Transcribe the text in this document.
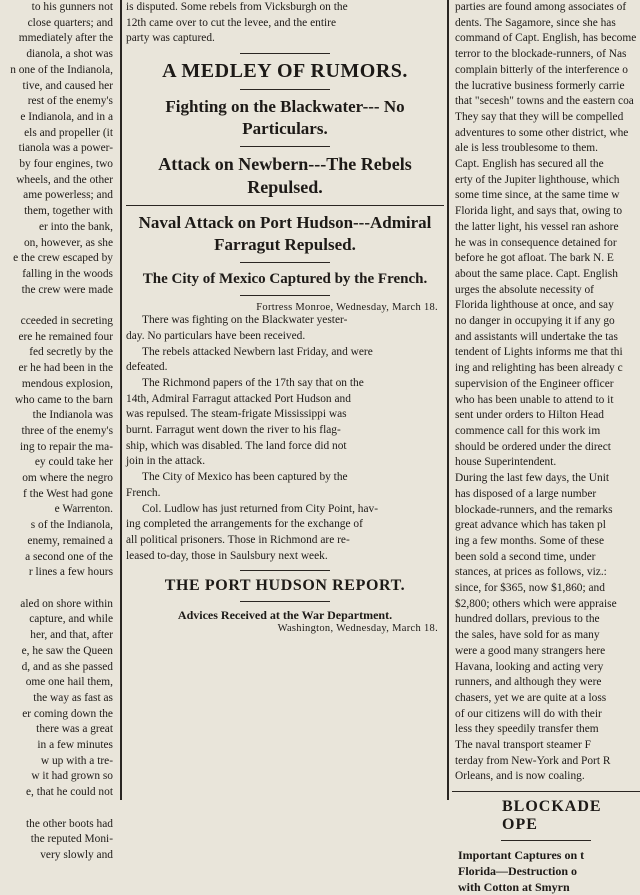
to his gunners not
close quarters; and
mmediately after the
dianola, a shot was
n one of the Indianola,
tive, and caused her
rest of the enemy's
e Indianola, and in a
els and propeller (it
tianola was a power-
by four engines, two
wheels, and the other
ame powerless; and
them, together with
er into the bank,
on, however, as she
e the crew escaped by
falling in the woods
the crew were made
cceeded in secreting
ere he remained four
fed secretly by the
er he had been in the
mendous explosion,
who came to the barn
the Indianola was
three of the enemy's
ing to repair the ma-
ey could take her
om where the negro
f the West had gone
e Warrenton.
s of the Indianola,
enemy, remained a
a second one of the
r lines a few hours
aled on shore within
capture, and while
her, and that, after
e, he saw the Queen
d, and as she passed
ome one hail them,
the way as fast as
er coming down the
there was a great
in a few minutes
w up with a tre-
w it had grown so
e, that he could not
the other boots had
the reputed Moni-
very slowly and
is disputed. Some rebels from Vicksburgh on the
12th came over to cut the levee, and the entire
party was captured.
A MEDLEY OF RUMORS.
Fighting on the Blackwater--- No Particulars.
Attack on Newbern---The Rebels Repulsed.
Naval Attack on Port Hudson---Admiral Farragut Repulsed.
The City of Mexico Captured by the French.
Fortress Monroe, Wednesday, March 18.
There was fighting on the Blackwater yester-
day. No particulars have been received.
The rebels attacked Newbern last Friday, and were
defeated.
The Richmond papers of the 17th say that on the
14th, Admiral Farragut attacked Port Hudson and
was repulsed. The steam-frigate Mississippi was
burnt. Farragut went down the river to his flag-
ship, which was disabled. The land force did not
join in the attack.
The City of Mexico has been captured by the
French.
Col. Ludlow has just returned from City Point, hav-
ing completed the arrangements for the exchange of
all political prisoners. Those in Richmond are re-
leased to-day, those in Saulsbury next week.
THE PORT HUDSON REPORT.
Advices Received at the War Department.
Washington, Wednesday, March 18.
parties are found among associates of
dents. The Sagamore, since she has
command of Capt. English, has become
terror to the blockade-runners, of Nas
complain bitterly of the interference o
the lucrative business formerly carrie
that "secesh" towns and the eastern coa
They say that they will be compelled
adventures to some other district, whe
ale is less troublesome to them.
Capt. English has secured all the
erty of the Jupiter lighthouse, which
some time since, at the same time w
Florida light, and says that, owing to
the latter light, his vessel ran ashore
he was in consequence detained for
before he got afloat. The bark N. E
about the same place. Capt. English
urges the absolute necessity of
Florida lighthouse at once, and say
no danger in occupying it if any go
and assistants will undertake the tas
tendent of Lights informs me that thi
ing and relighting has been already c
supervision of the Engineer officer
who has been unable to attend to it
sent under orders to Hilton Head
commence call for this work im
should be ordered under the direct
house Superintendent.
During the last few days, the Unit
has disposed of a large number
blockade-runners, and the remarks
great advance which has taken pl
ing a few months. Some of these
been sold a second time, under
stances, at prices as follows, viz.:
since, for $365, now $1,860; and
$2,800; others which were appraise
hundred dollars, previous to the
the sales, have sold for as many
were a good many strangers here
Havana, looking and acting very
runners, and although they were
chasers, yet we are quite at a loss
of our citizens will do with their
less they speedily transfer them
The naval transport steamer F
terday from New-York and Port R
Orleans, and is now coaling.
BLOCKADE OPE
Important Captures on t
Florida—Destruction o
with Cotton at Smyrn
